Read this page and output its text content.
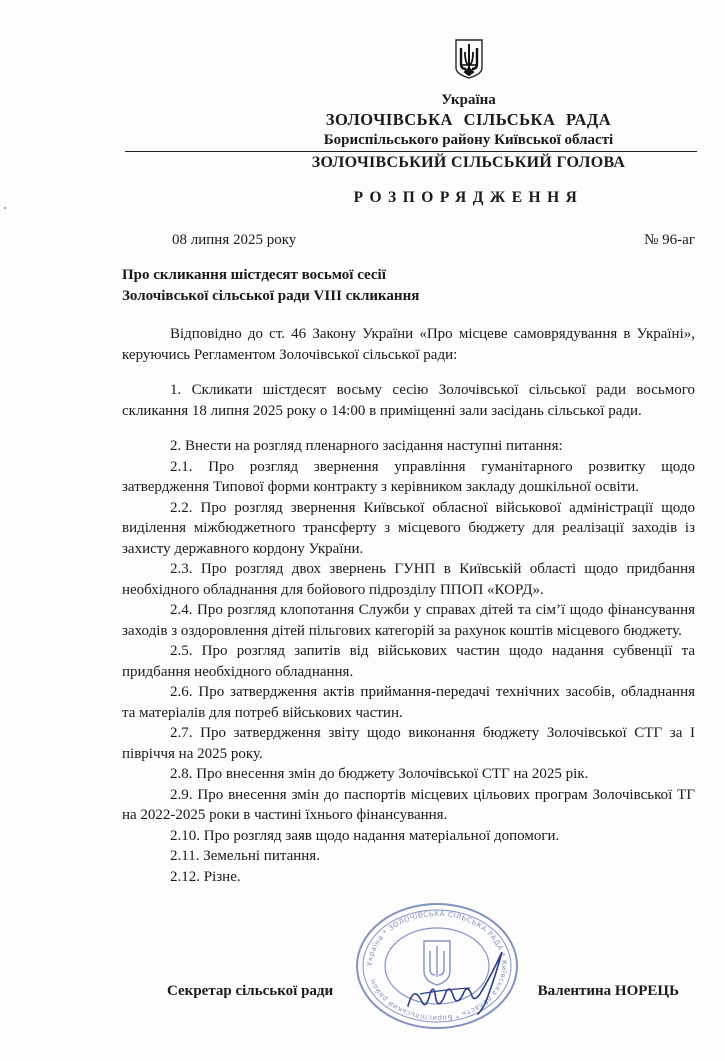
Україна
ЗОЛОЧІВСЬКА СІЛЬСЬКА РАДА
Бориспільського району Київської області
ЗОЛОЧІВСЬКИЙ СІЛЬСЬКИЙ ГОЛОВА
РОЗПОРЯДЖЕННЯ
08 липня 2025 року	№ 96-аг
Про скликання шістдесят восьмої сесії
Золочівської сільської ради VIII скликання

Відповідно до ст. 46 Закону України «Про місцеве самоврядування в Україні», керуючись Регламентом Золочівської сільської ради:

1. Скликати шістдесят восьму сесію Золочівської сільської ради восьмого скликання 18 липня 2025 року о 14:00 в приміщенні зали засідань сільської ради.

2. Внести на розгляд пленарного засідання наступні питання:

2.1. Про розгляд звернення управління гуманітарного розвитку щодо затвердження Типової форми контракту з керівником закладу дошкільної освіти.

2.2. Про розгляд звернення Київської обласної військової адміністрації щодо виділення міжбюджетного трансферту з місцевого бюджету для реалізації заходів із захисту державного кордону України.

2.3. Про розгляд двох звернень ГУНП в Київській області щодо придбання необхідного обладнання для бойового підрозділу ППОП «КОРД».

2.4. Про розгляд клопотання Служби у справах дітей та сім’ї щодо фінансування заходів з оздоровлення дітей пільгових категорій за рахунок коштів місцевого бюджету.

2.5. Про розгляд запитів від військових частин щодо надання субвенції та придбання необхідного обладнання.

2.6. Про затвердження актів приймання-передачі технічних засобів, обладнання та матеріалів для потреб військових частин.

2.7. Про затвердження звіту щодо виконання бюджету Золочівської СТГ за І півріччя на 2025 року.

2.8. Про внесення змін до бюджету Золочівської СТГ на 2025 рік.

2.9. Про внесення змін до паспортів місцевих цільових програм Золочівської ТГ на 2022-2025 роки в частині їхнього фінансування.

2.10. Про розгляд заяв щодо надання матеріальної допомоги.

2.11. Земельні питання.

2.12. Різне.

Україна * ЗОЛОЧІВСЬКА СІЛЬСЬКА РАДА * Київська область * Бориспільський район
Секретар сільської ради	Валентина НОРЕЦЬ
